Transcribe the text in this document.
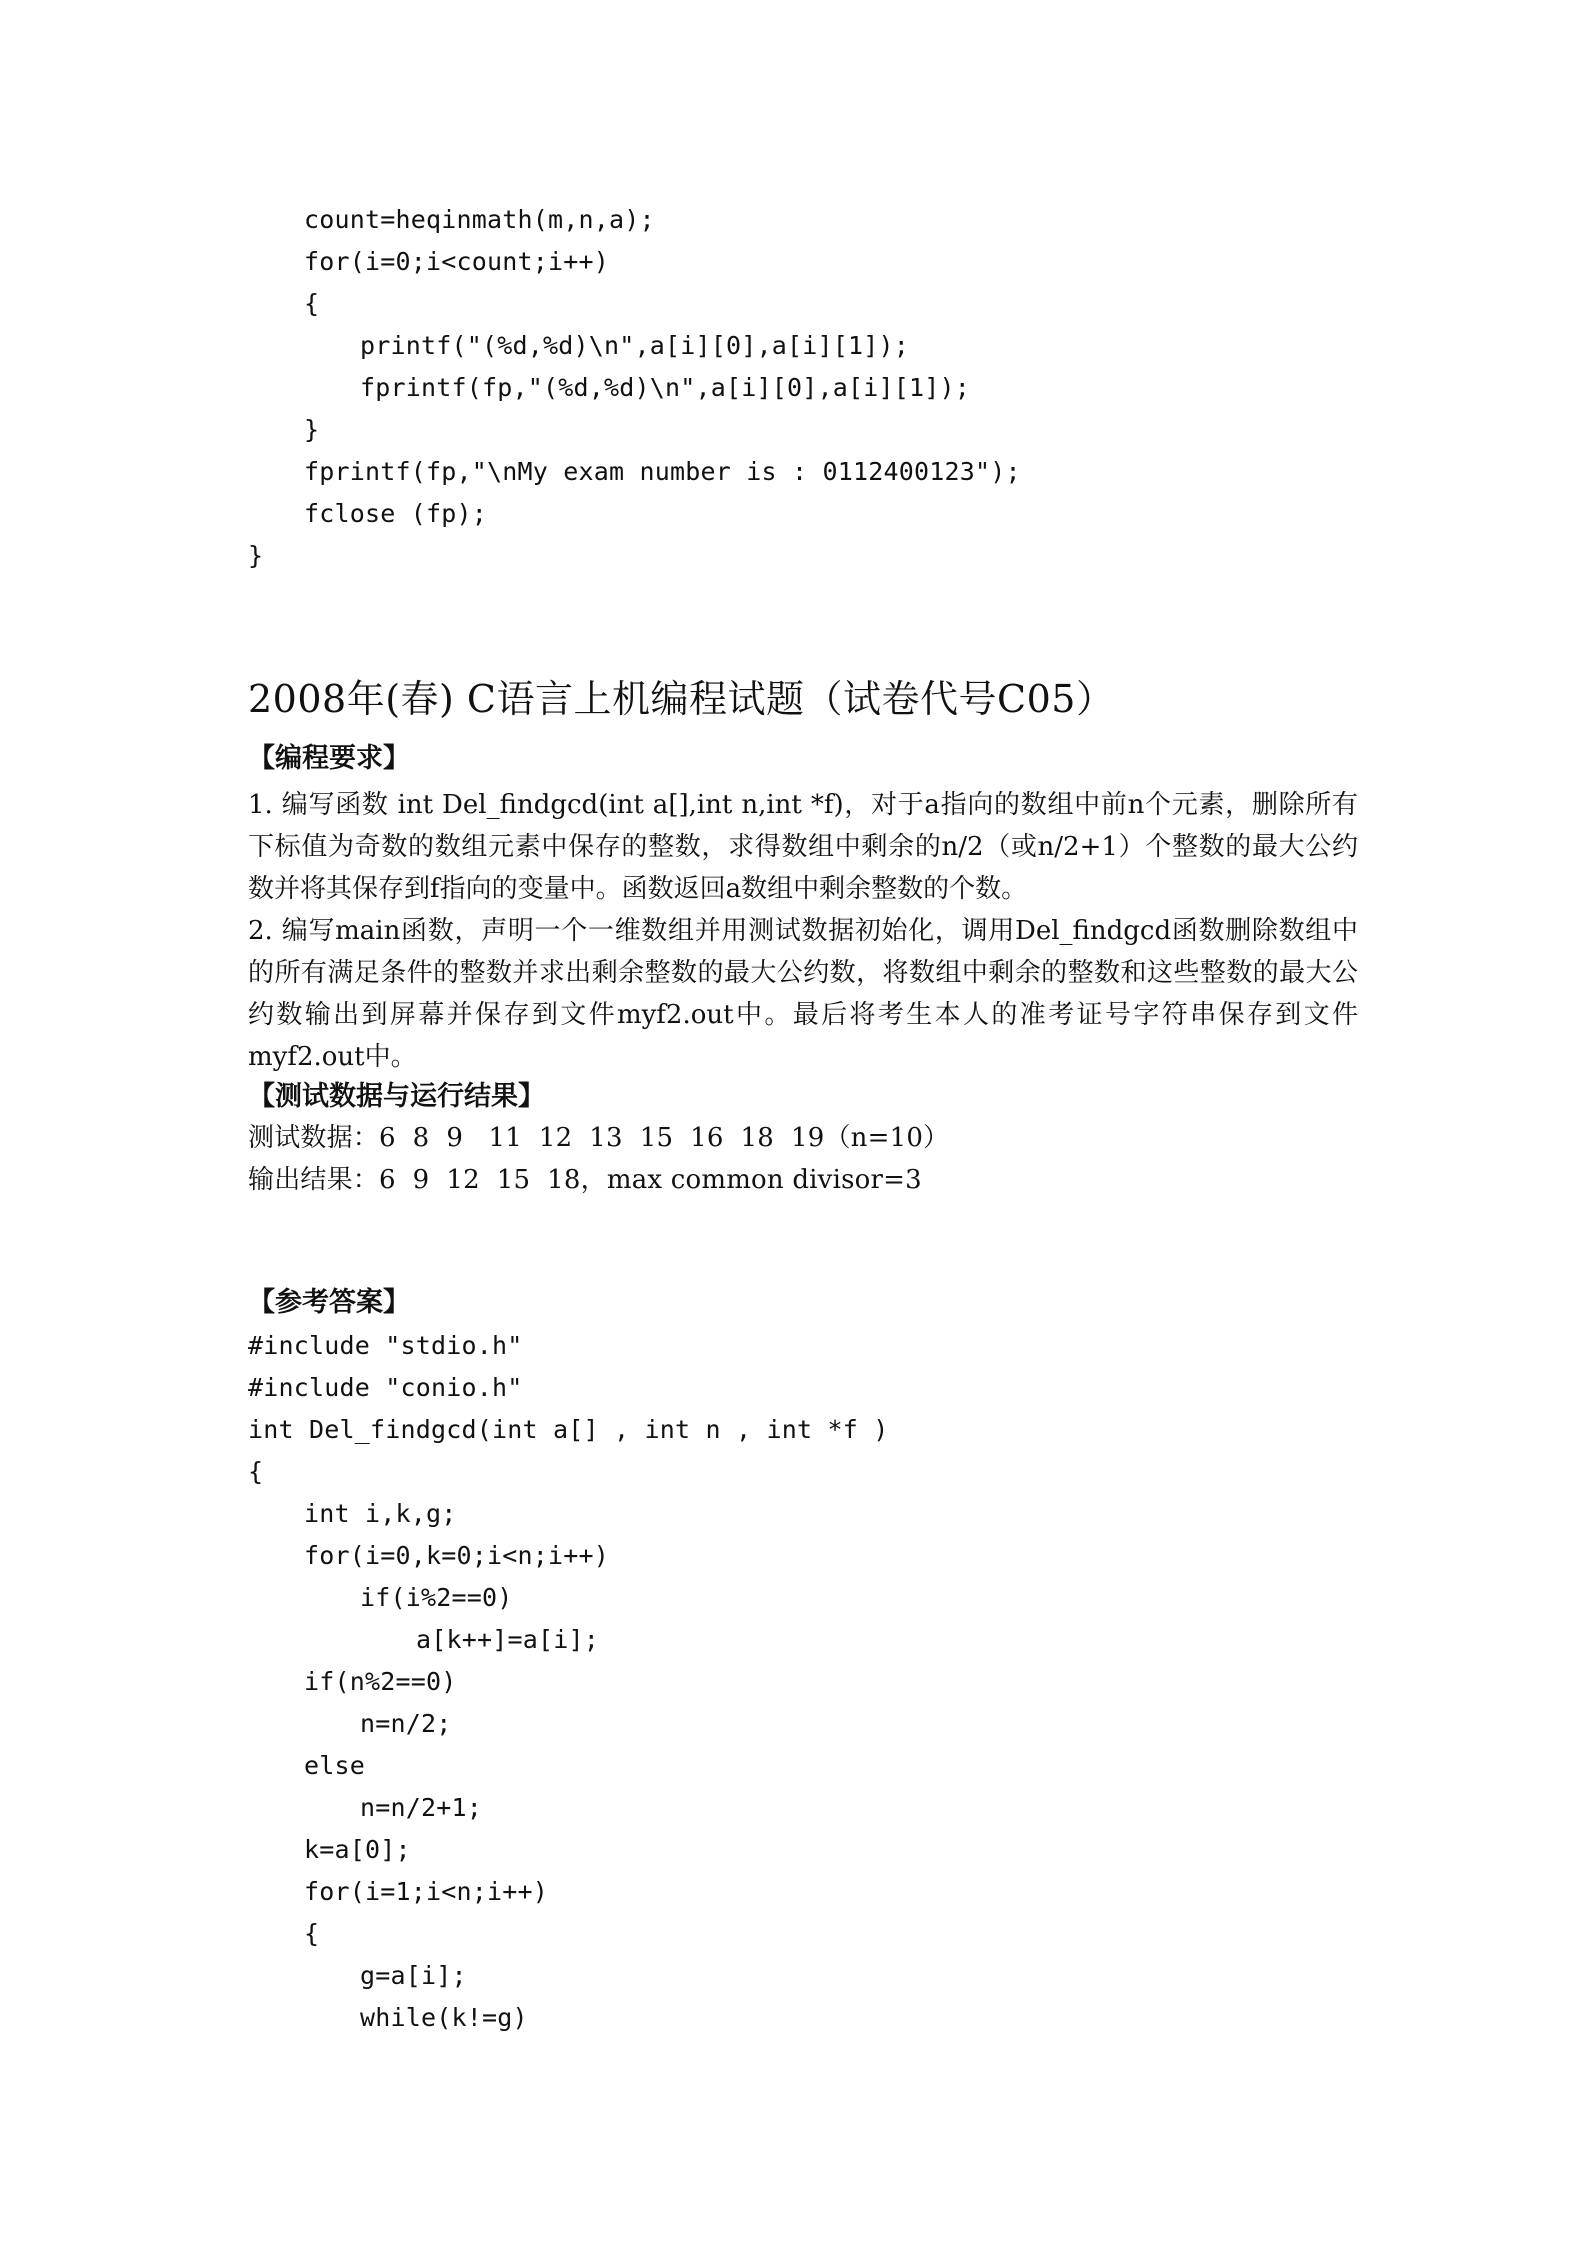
count=heqinmath(m,n,a);
for(i=0;i<count;i++)
{
printf("(%d,%d)\n",a[i][0],a[i][1]);
fprintf(fp,"(%d,%d)\n",a[i][0],a[i][1]);
}
fprintf(fp,"\nMy exam number is : 0112400123");
fclose (fp);
}
2008年(春) C语言上机编程试题（试卷代号C05）
【编程要求】
1. 编写函数 int Del_findgcd(int a[],int n,int *f)，对于a指向的数组中前n个元素，删除所有下标值为奇数的数组元素中保存的整数，求得数组中剩余的n/2（或n/2+1）个整数的最大公约数并将其保存到f指向的变量中。函数返回a数组中剩余整数的个数。
2. 编写main函数，声明一个一维数组并用测试数据初始化，调用Del_findgcd函数删除数组中的所有满足条件的整数并求出剩余整数的最大公约数，将数组中剩余的整数和这些整数的最大公约数输出到屏幕并保存到文件myf2.out中。最后将考生本人的准考证号字符串保存到文件myf2.out中。
【测试数据与运行结果】
测试数据：6  8  9   11  12  13  15  16  18  19（n=10）
输出结果：6  9  12  15  18，max common divisor=3
【参考答案】
#include "stdio.h"
#include "conio.h"
int Del_findgcd(int a[] , int n , int *f )
{
int i,k,g;
for(i=0,k=0;i<n;i++)
if(i%2==0)
a[k++]=a[i];
if(n%2==0)
n=n/2;
else
n=n/2+1;
k=a[0];
for(i=1;i<n;i++)
{
g=a[i];
while(k!=g)
